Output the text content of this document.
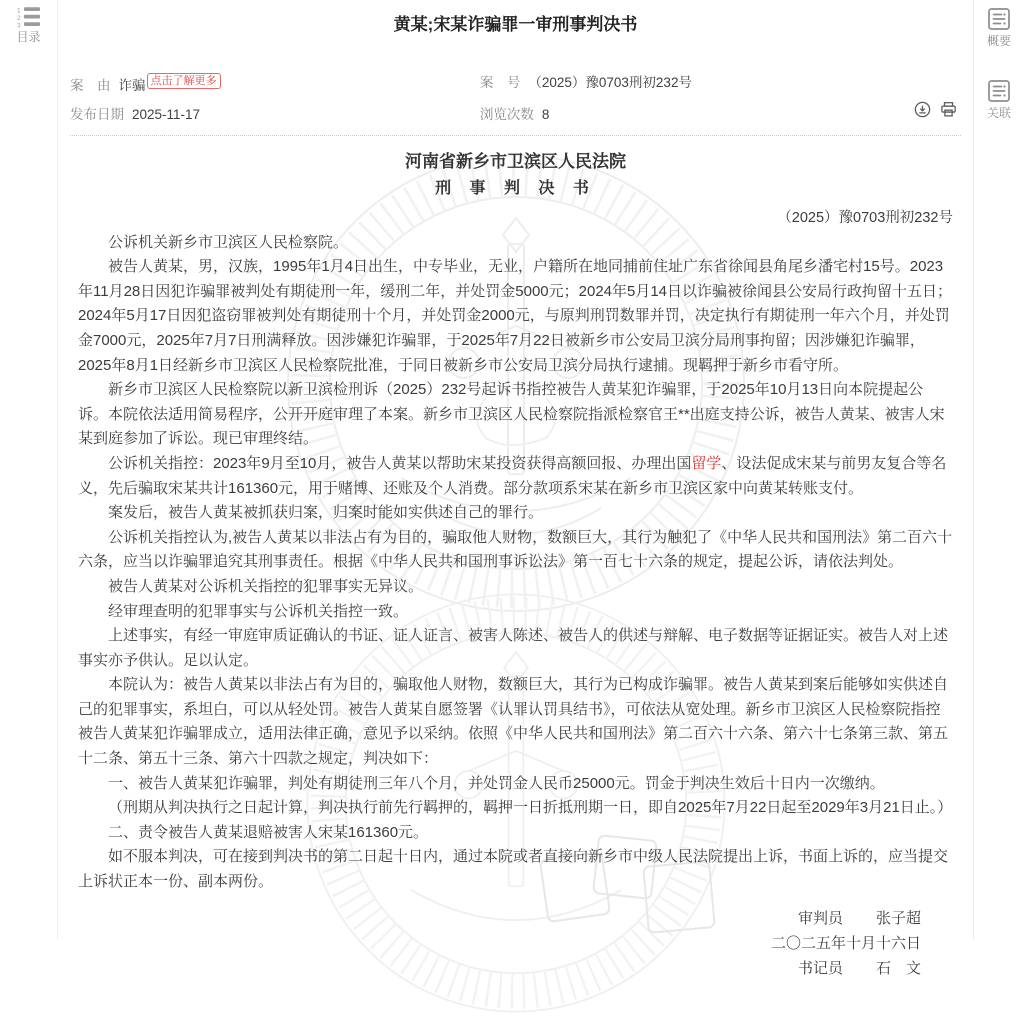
1
2
3
目录
黄某;宋某诈骗罪一审刑事判决书
案　由 诈骗 点击了解更多	案　号 （2025）豫0703刑初232号
发布日期 2025-11-17	浏览次数 8
河南省新乡市卫滨区人民法院
刑 事 判 决 书
（2025）豫0703刑初232号

公诉机关新乡市卫滨区人民检察院。

被告人黄某，男，汉族，1995年1月4日出生，中专毕业，无业，户籍所在地同捕前住址广东省徐闻县角尾乡潘宅村15号。2023年11月28日因犯诈骗罪被判处有期徒刑一年，缓刑二年，并处罚金5000元；2024年5月14日以诈骗被徐闻县公安局行政拘留十五日；2024年5月17日因犯盗窃罪被判处有期徒刑十个月，并处罚金2000元，与原判刑罚数罪并罚，决定执行有期徒刑一年六个月，并处罚金7000元，2025年7月7日刑满释放。因涉嫌犯诈骗罪，于2025年7月22日被新乡市公安局卫滨分局刑事拘留；因涉嫌犯诈骗罪，2025年8月1日经新乡市卫滨区人民检察院批准，于同日被新乡市公安局卫滨分局执行逮捕。现羁押于新乡市看守所。

新乡市卫滨区人民检察院以新卫滨检刑诉（2025）232号起诉书指控被告人黄某犯诈骗罪，于2025年10月13日向本院提起公诉。本院依法适用简易程序，公开开庭审理了本案。新乡市卫滨区人民检察院指派检察官王**出庭支持公诉，被告人黄某、被害人宋某到庭参加了诉讼。现已审理终结。

公诉机关指控：2023年9月至10月，被告人黄某以帮助宋某投资获得高额回报、办理出国留学、设法促成宋某与前男友复合等名义，先后骗取宋某共计161360元，用于赌博、还账及个人消费。部分款项系宋某在新乡市卫滨区家中向黄某转账支付。

案发后，被告人黄某被抓获归案，归案时能如实供述自己的罪行。

公诉机关指控认为,被告人黄某以非法占有为目的，骗取他人财物，数额巨大，其行为触犯了《中华人民共和国刑法》第二百六十六条，应当以诈骗罪追究其刑事责任。根据《中华人民共和国刑事诉讼法》第一百七十六条的规定，提起公诉，请依法判处。

被告人黄某对公诉机关指控的犯罪事实无异议。

经审理查明的犯罪事实与公诉机关指控一致。

上述事实，有经一审庭审质证确认的书证、证人证言、被害人陈述、被告人的供述与辩解、电子数据等证据证实。被告人对上述事实亦予供认。足以认定。

本院认为：被告人黄某以非法占有为目的，骗取他人财物，数额巨大，其行为已构成诈骗罪。被告人黄某到案后能够如实供述自己的犯罪事实，系坦白，可以从轻处罚。被告人黄某自愿签署《认罪认罚具结书》，可依法从宽处理。新乡市卫滨区人民检察院指控被告人黄某犯诈骗罪成立，适用法律正确，意见予以采纳。依照《中华人民共和国刑法》第二百六十六条、第六十七条第三款、第五十二条、第五十三条、第六十四款之规定，判决如下：

一、被告人黄某犯诈骗罪，判处有期徒刑三年八个月，并处罚金人民币25000元。罚金于判决生效后十日内一次缴纳。

（刑期从判决执行之日起计算，判决执行前先行羁押的，羁押一日折抵刑期一日，即自2025年7月22日起至2029年3月21日止。）

二、责令被告人黄某退赔被害人宋某161360元。

如不服本判决，可在接到判决书的第二日起十日内，通过本院或者直接向新乡市中级人民法院提出上诉，书面上诉的，应当提交上诉状正本一份、副本两份。

审判员 张子超
二〇二五年十月十六日
书记员 石　文
概要
关联
